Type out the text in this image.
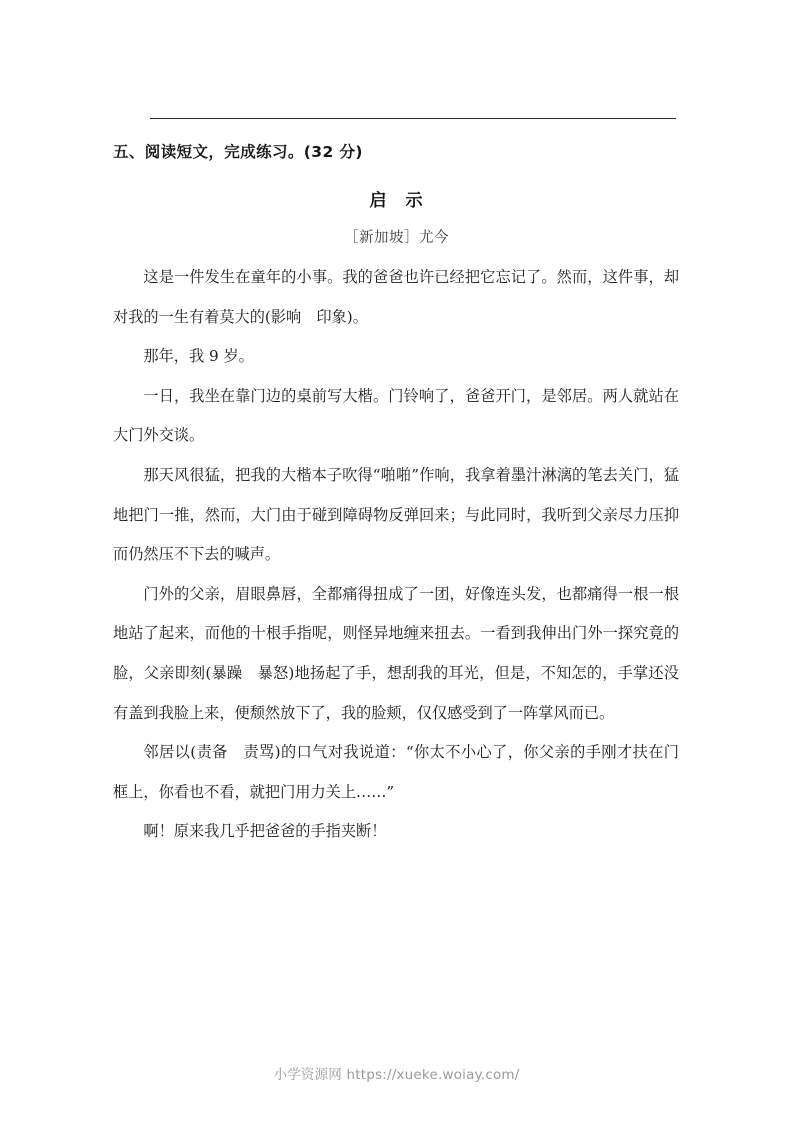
五、阅读短文，完成练习。(32 分)
启　示
［新加坡］尤今

这是一件发生在童年的小事。我的爸爸也许已经把它忘记了。然而，这件事，却对我的一生有着莫大的(影响　印象)。

那年，我 9 岁。

一日，我坐在靠门边的桌前写大楷。门铃响了，爸爸开门，是邻居。两人就站在大门外交谈。

那天风很猛，把我的大楷本子吹得“啪啪”作响，我拿着墨汁淋漓的笔去关门，猛地把门一推，然而，大门由于碰到障碍物反弹回来；与此同时，我听到父亲尽力压抑而仍然压不下去的喊声。

门外的父亲，眉眼鼻唇，全都痛得扭成了一团，好像连头发，也都痛得一根一根地站了起来，而他的十根手指呢，则怪异地缠来扭去。一看到我伸出门外一探究竟的脸，父亲即刻(暴躁　暴怒)地扬起了手，想刮我的耳光，但是，不知怎的，手掌还没有盖到我脸上来，便颓然放下了，我的脸颊，仅仅感受到了一阵掌风而已。

邻居以(责备　责骂)的口气对我说道：“你太不小心了，你父亲的手刚才扶在门框上，你看也不看，就把门用力关上……”

啊！原来我几乎把爸爸的手指夹断！

小学资源网 https://xueke.woiay.com/
